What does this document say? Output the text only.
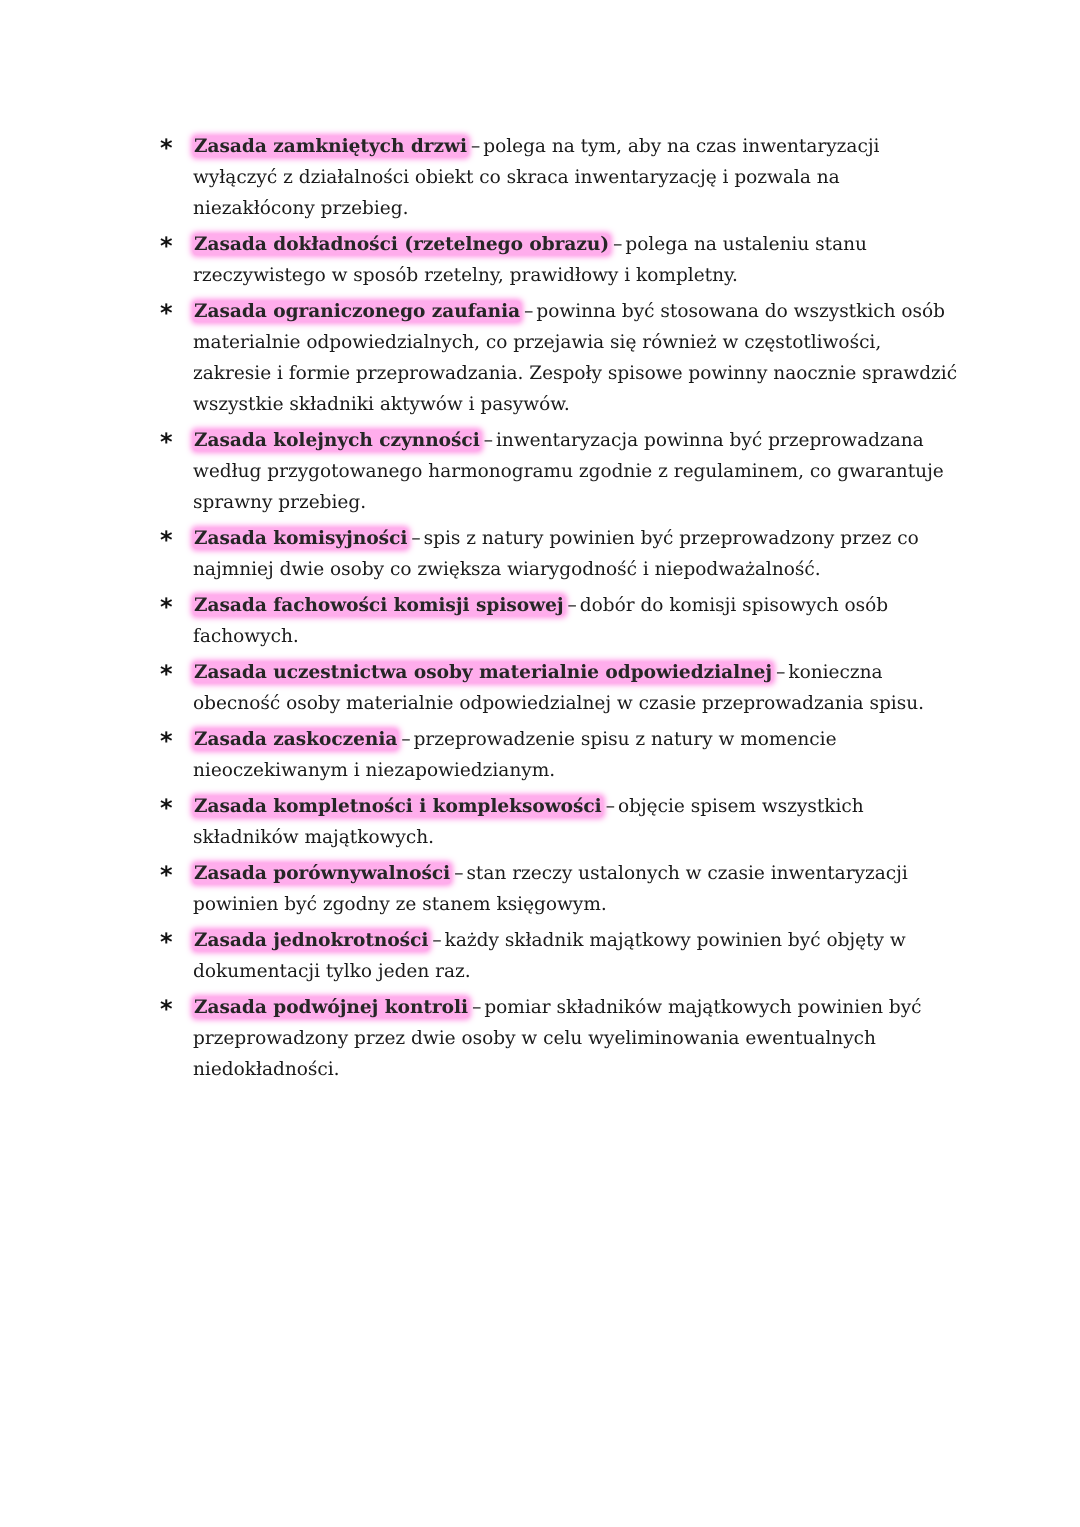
* Zasada zamkniętych drzwi – polega na tym, aby na czas inwentaryzacji wyłączyć z działalności obiekt co skraca inwentaryzację i pozwala na niezakłócony przebieg.
* Zasada dokładności (rzetelnego obrazu) – polega na ustaleniu stanu rzeczywistego w sposób rzetelny, prawidłowy i kompletny.
* Zasada ograniczonego zaufania – powinna być stosowana do wszystkich osób materialnie odpowiedzialnych, co przejawia się również w częstotliwości, zakresie i formie przeprowadzania. Zespoły spisowe powinny naocznie sprawdzić wszystkie składniki aktywów i pasywów.
* Zasada kolejnych czynności – inwentaryzacja powinna być przeprowadzana według przygotowanego harmonogramu zgodnie z regulaminem, co gwarantuje sprawny przebieg.
* Zasada komisyjności – spis z natury powinien być przeprowadzony przez co najmniej dwie osoby co zwiększa wiarygodność i niepodważalność.
* Zasada fachowości komisji spisowej – dobór do komisji spisowych osób fachowych.
* Zasada uczestnictwa osoby materialnie odpowiedzialnej – konieczna obecność osoby materialnie odpowiedzialnej w czasie przeprowadzania spisu.
* Zasada zaskoczenia – przeprowadzenie spisu z natury w momencie nieoczekiwanym i niezapowiedzianym.
* Zasada kompletności i kompleksowości – objęcie spisem wszystkich składników majątkowych.
* Zasada porównywalności – stan rzeczy ustalonych w czasie inwentaryzacji powinien być zgodny ze stanem księgowym.
* Zasada jednokrotności – każdy składnik majątkowy powinien być objęty w dokumentacji tylko jeden raz.
* Zasada podwójnej kontroli – pomiar składników majątkowych powinien być przeprowadzony przez dwie osoby w celu wyeliminowania ewentualnych niedokładności.
